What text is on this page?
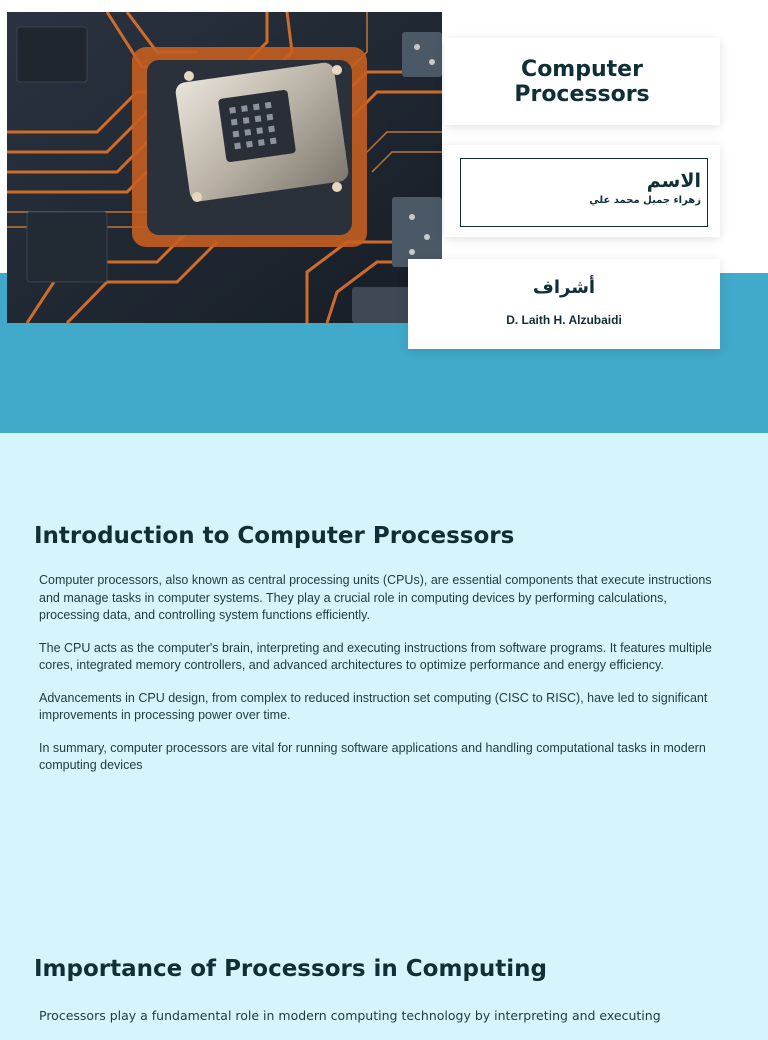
Computer Processors
الاسم
زهراء جميل محمد علي
أشراف
D. Laith H. Alzubaidi
Introduction to Computer Processors

Computer processors, also known as central processing units (CPUs), are essential components that execute instructions and manage tasks in computer systems. They play a crucial role in computing devices by performing calculations, processing data, and controlling system functions efficiently.

The CPU acts as the computer's brain, interpreting and executing instructions from software programs. It features multiple cores, integrated memory controllers, and advanced architectures to optimize performance and energy efficiency.

Advancements in CPU design, from complex to reduced instruction set computing (CISC to RISC), have led to significant improvements in processing power over time.

In summary, computer processors are vital for running software applications and handling computational tasks in modern computing devices

Importance of Processors in Computing

Processors play a fundamental role in modern computing technology by interpreting and executing
